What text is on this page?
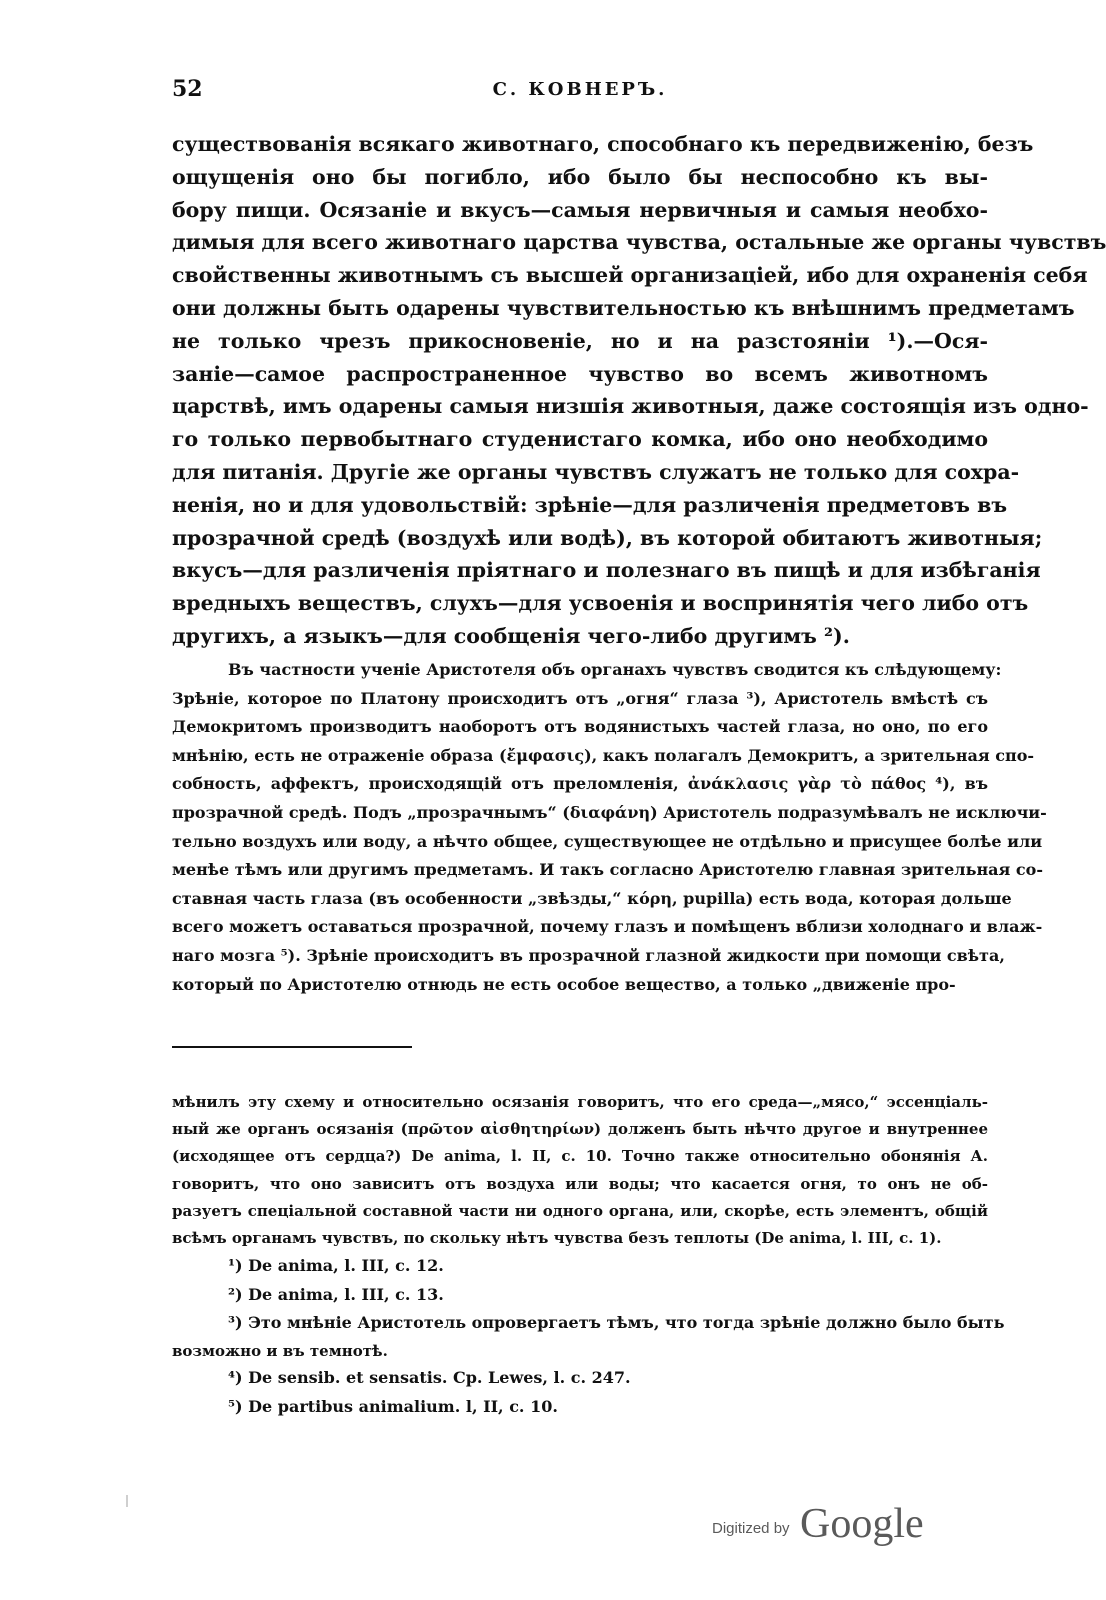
52	С. КОВНЕРЪ.
существованія всякаго животнаго, способнаго къ передвиженію, безъ
ощущенія оно бы погибло, ибо было бы неспособно къ вы-
бору пищи. Осязаніе и вкусъ—самыя нервичныя и самыя необхо-
димыя для всего животнаго царства чувства, остальные же органы чувствъ
свойственны животнымъ съ высшей организаціей, ибо для охраненія себя
они должны быть одарены чувствительностью къ внѣшнимъ предметамъ
не только чрезъ прикосновеніе, но и на разстояніи ¹).—Ося-
заніе—самое распространенное чувство во всемъ животномъ
царствѣ, имъ одарены самыя низшія животныя, даже состоящія изъ одно-
го только первобытнаго студенистаго комка, ибо оно необходимо
для питанія. Другіе же органы чувствъ служатъ не только для сохра-
ненія, но и для удовольствій: зрѣніе—для различенія предметовъ въ
прозрачной средѣ (воздухѣ или водѣ), въ которой обитаютъ животныя;
вкусъ—для различенія пріятнаго и полезнаго въ пищѣ и для избѣганія
вредныхъ веществъ, слухъ—для усвоенія и воспринятія чего либо отъ
другихъ, а языкъ—для сообщенія чего-либо другимъ ²).
Въ частности ученіе Аристотеля объ органахъ чувствъ сводится къ слѣдующему:
Зрѣніе, которое по Платону происходитъ отъ „огня“ глаза ³), Аристотель вмѣстѣ съ
Демокритомъ производитъ наоборотъ отъ водянистыхъ частей глаза, но оно, по его
мнѣнію, есть не отраженіе образа (ἔμφασις), какъ полагалъ Демокритъ, а зрительная спо-
собность, аффектъ, происходящій отъ преломленія, ἀνάκλασις γὰρ τὸ πάθος ⁴), въ
прозрачной средѣ. Подъ „прозрачнымъ“ (διαφάνη) Аристотель подразумѣвалъ не исключи-
тельно воздухъ или воду, а нѣчто общее, существующее не отдѣльно и присущее болѣе или
менѣе тѣмъ или другимъ предметамъ. И такъ согласно Аристотелю главная зрительная со-
ставная часть глаза (въ особенности „звѣзды,“ κόρη, pupilla) есть вода, которая дольше
всего можетъ оставаться прозрачной, почему глазъ и помѣщенъ вблизи холоднаго и влаж-
наго мозга ⁵). Зрѣніе происходитъ въ прозрачной глазной жидкости при помощи свѣта,
который по Аристотелю отнюдь не есть особое вещество, а только „движеніе про-
мѣнилъ эту схему и относительно осязанія говоритъ, что его среда—„мясо,“ эссенціаль-
ный же органъ осязанія (πρῶτον αἰσθητηρίων) долженъ быть нѣчто другое и внутреннее
(исходящее отъ сердца?) De anima, l. II, c. 10. Точно также относительно обонянія А.
говоритъ, что оно зависитъ отъ воздуха или воды; что касается огня, то онъ не об-
разуетъ спеціальной составной части ни одного органа, или, скорѣе, есть элементъ, общій
всѣмъ органамъ чувствъ, по скольку нѣтъ чувства безъ теплоты (De anima, l. III, c. 1).
¹) De anima, l. III, c. 12.
²) De anima, l. III, c. 13.
³) Это мнѣніе Аристотель опровергаетъ тѣмъ, что тогда зрѣніе должно было быть
возможно и въ темнотѣ.
⁴) De sensib. et sensatis. Cp. Lewes, l. c. 247.
⁵) De partibus animalium. l, II, c. 10.
Digitized by Google
